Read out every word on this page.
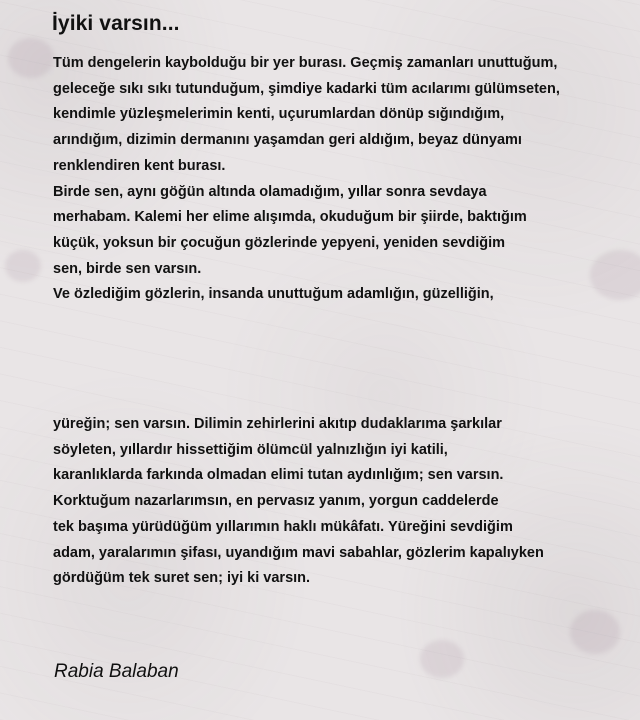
İyiki varsın...
Tüm dengelerin kaybolduğu bir yer burası. Geçmiş zamanları unuttuğum,
geleceğe sıkı sıkı tutunduğum, şimdiye kadarki tüm acılarımı gülümseten,
kendimle yüzleşmelerimin kenti, uçurumlardan dönüp sığındığım,
arındığım, dizimin dermanını yaşamdan geri aldığım, beyaz dünyamı
renklendiren kent burası.
Birde sen, aynı göğün altında olamadığım, yıllar sonra sevdaya
merhabam. Kalemi her elime alışımda, okuduğum bir şiirde, baktığım
küçük, yoksun bir çocuğun gözlerinde yepyeni, yeniden sevdiğim
sen, birde sen varsın.
Ve özlediğim gözlerin, insanda unuttuğum adamlığın, güzelliğin,
yüreğin; sen varsın. Dilimin zehirlerini akıtıp dudaklarıma şarkılar
söyleten, yıllardır hissettiğim ölümcül yalnızlığın iyi katili,
karanlıklarda farkında olmadan elimi tutan aydınlığım; sen varsın.
Korktuğum nazarlarımsın, en pervasız yanım, yorgun caddelerde
tek başıma yürüdüğüm yıllarımın haklı mükâfatı. Yüreğini sevdiğim
adam, yaralarımın şifası, uyandığım mavi sabahlar, gözlerim kapalıyken
gördüğüm tek suret sen; iyi ki varsın.

Rabia Balaban
